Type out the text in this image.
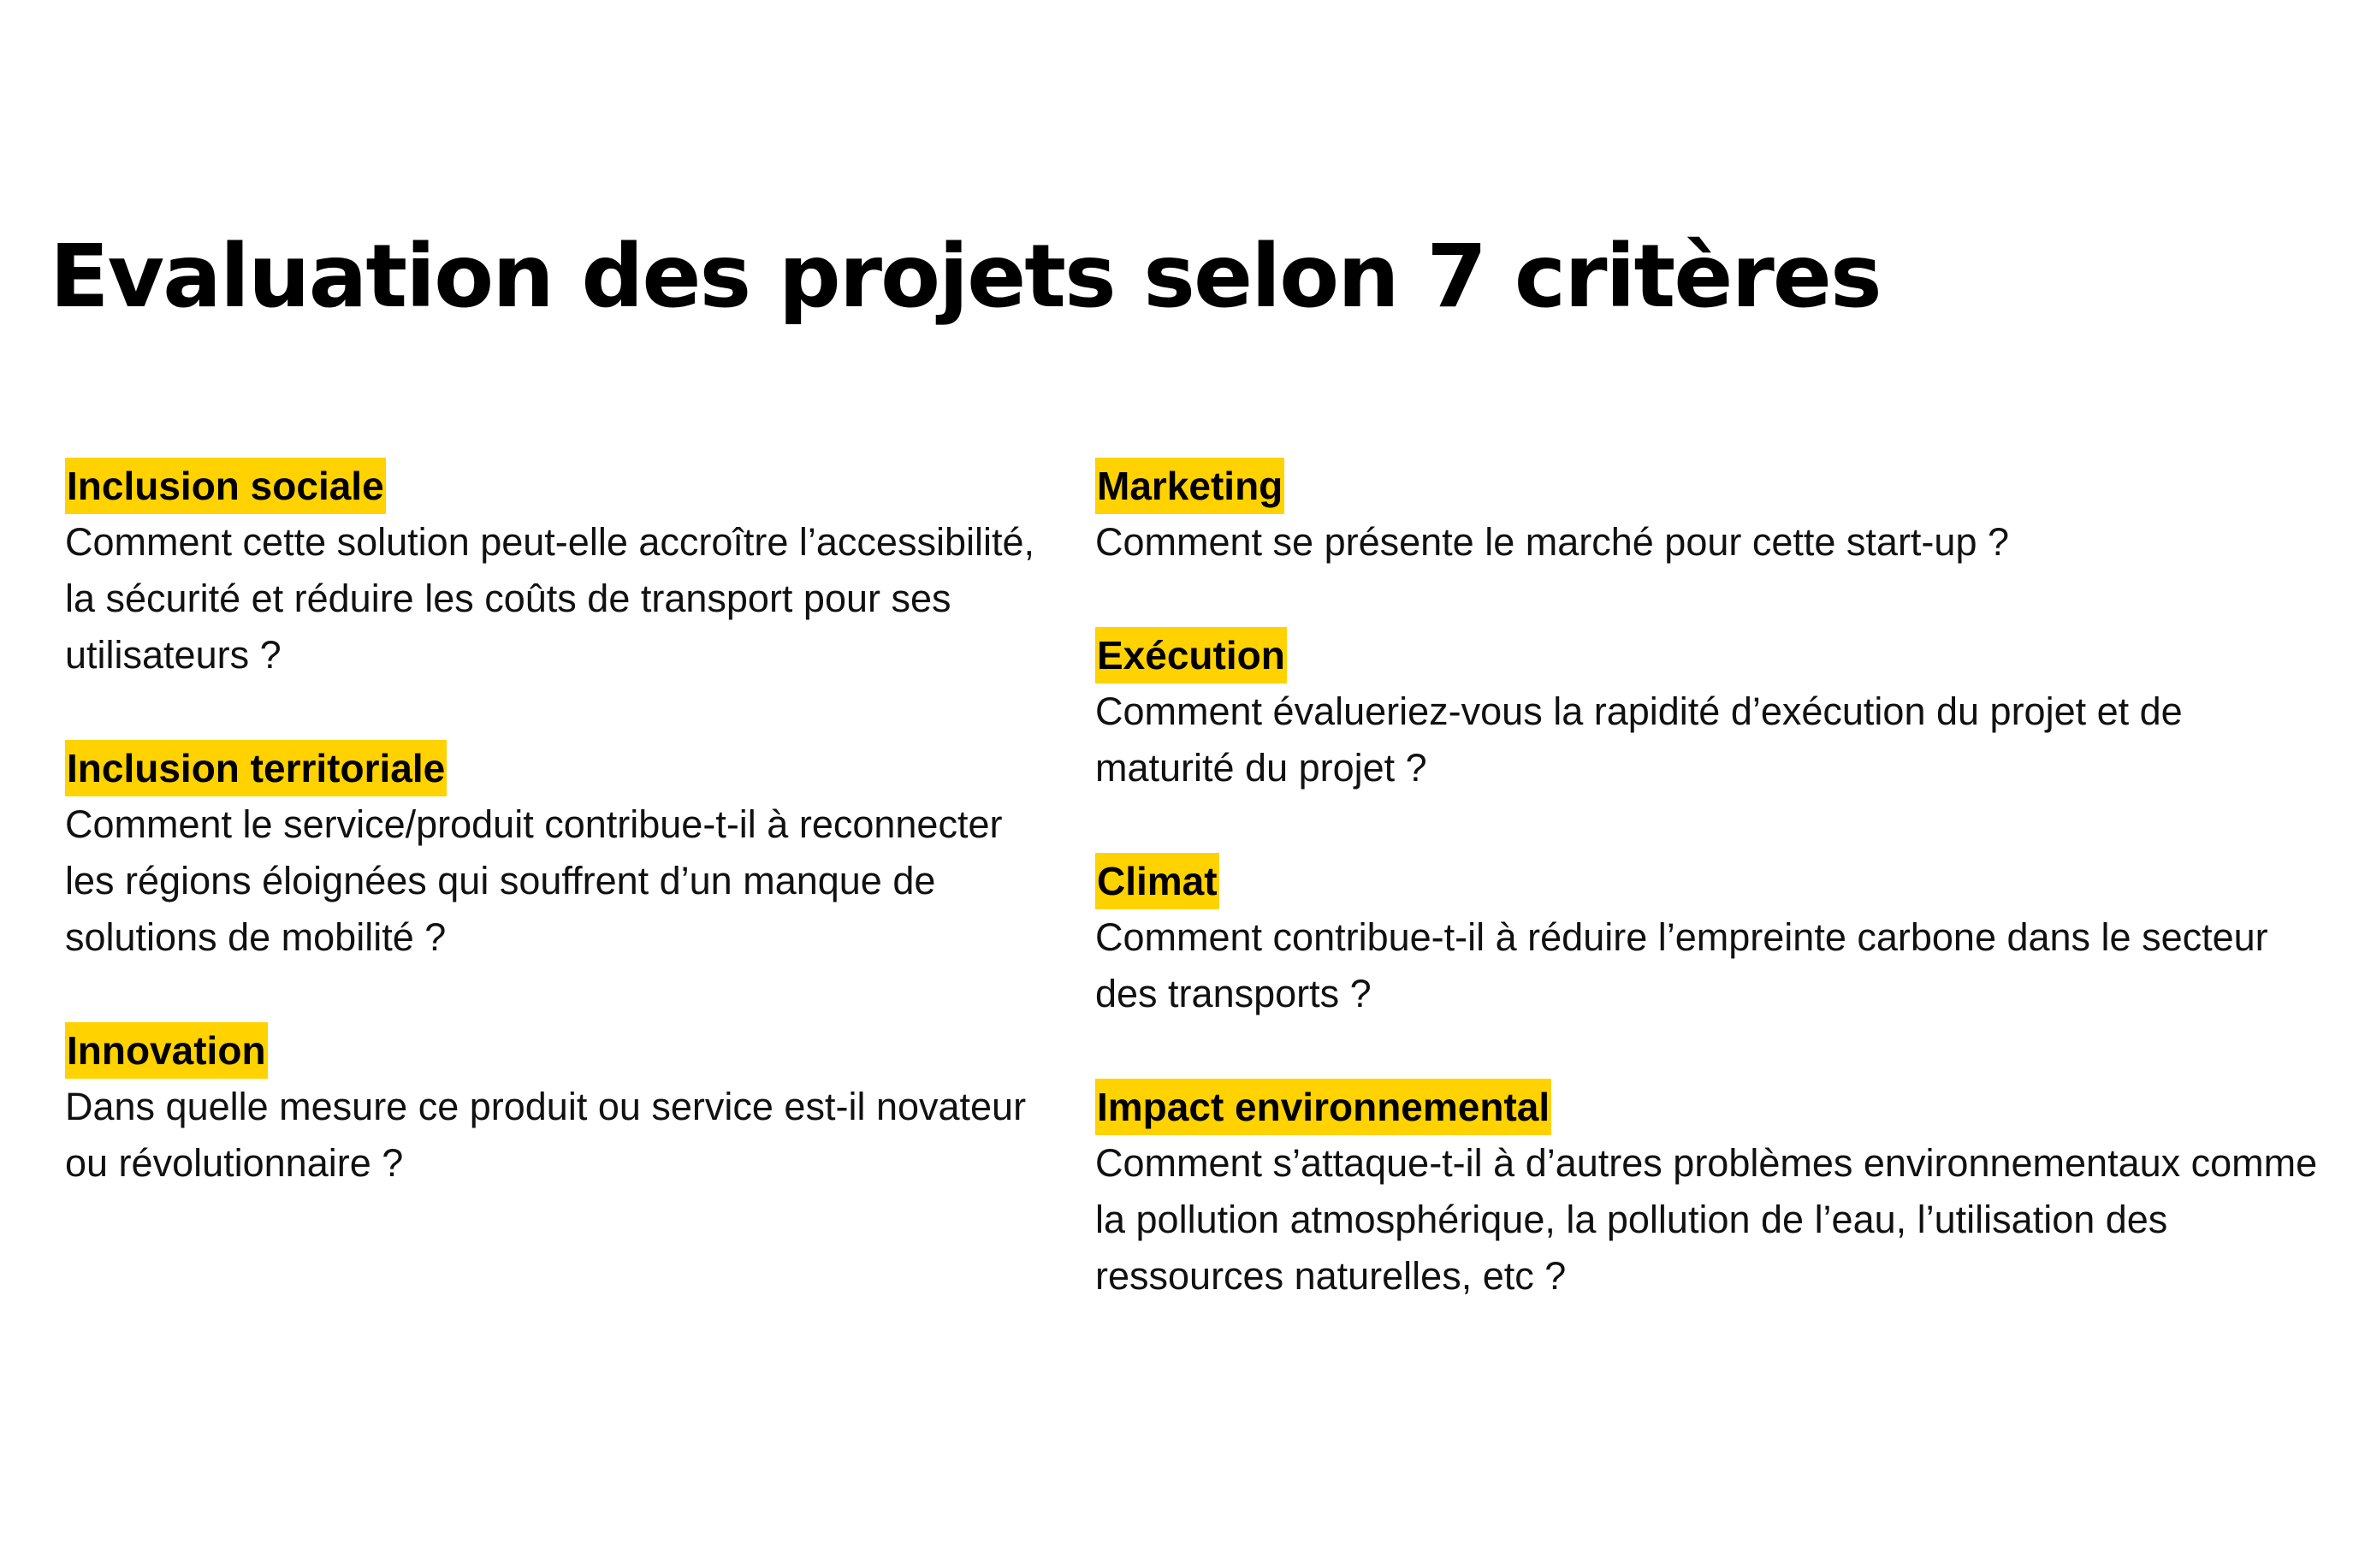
Evaluation des projets selon 7 critères
Inclusion sociale

Comment cette solution peut-elle accroître l’accessibilité, la sécurité et réduire les coûts de transport pour ses utilisateurs ?

Inclusion territoriale

Comment le service/produit contribue-t-il à reconnecter les régions éloignées qui souffrent d’un manque de solutions de mobilité ?

Innovation

Dans quelle mesure ce produit ou service est-il novateur ou révolutionnaire ?

Marketing

Comment se présente le marché pour cette start-up ?

Exécution

Comment évalueriez-vous la rapidité d’exécution du projet et de maturité du projet ?

Climat

Comment contribue-t-il à réduire l’empreinte carbone dans le secteur des transports ?

Impact environnemental

Comment s’attaque-t-il à d’autres problèmes environnementaux comme la pollution atmosphérique, la pollution de l’eau, l’utilisation des ressources naturelles, etc ?
